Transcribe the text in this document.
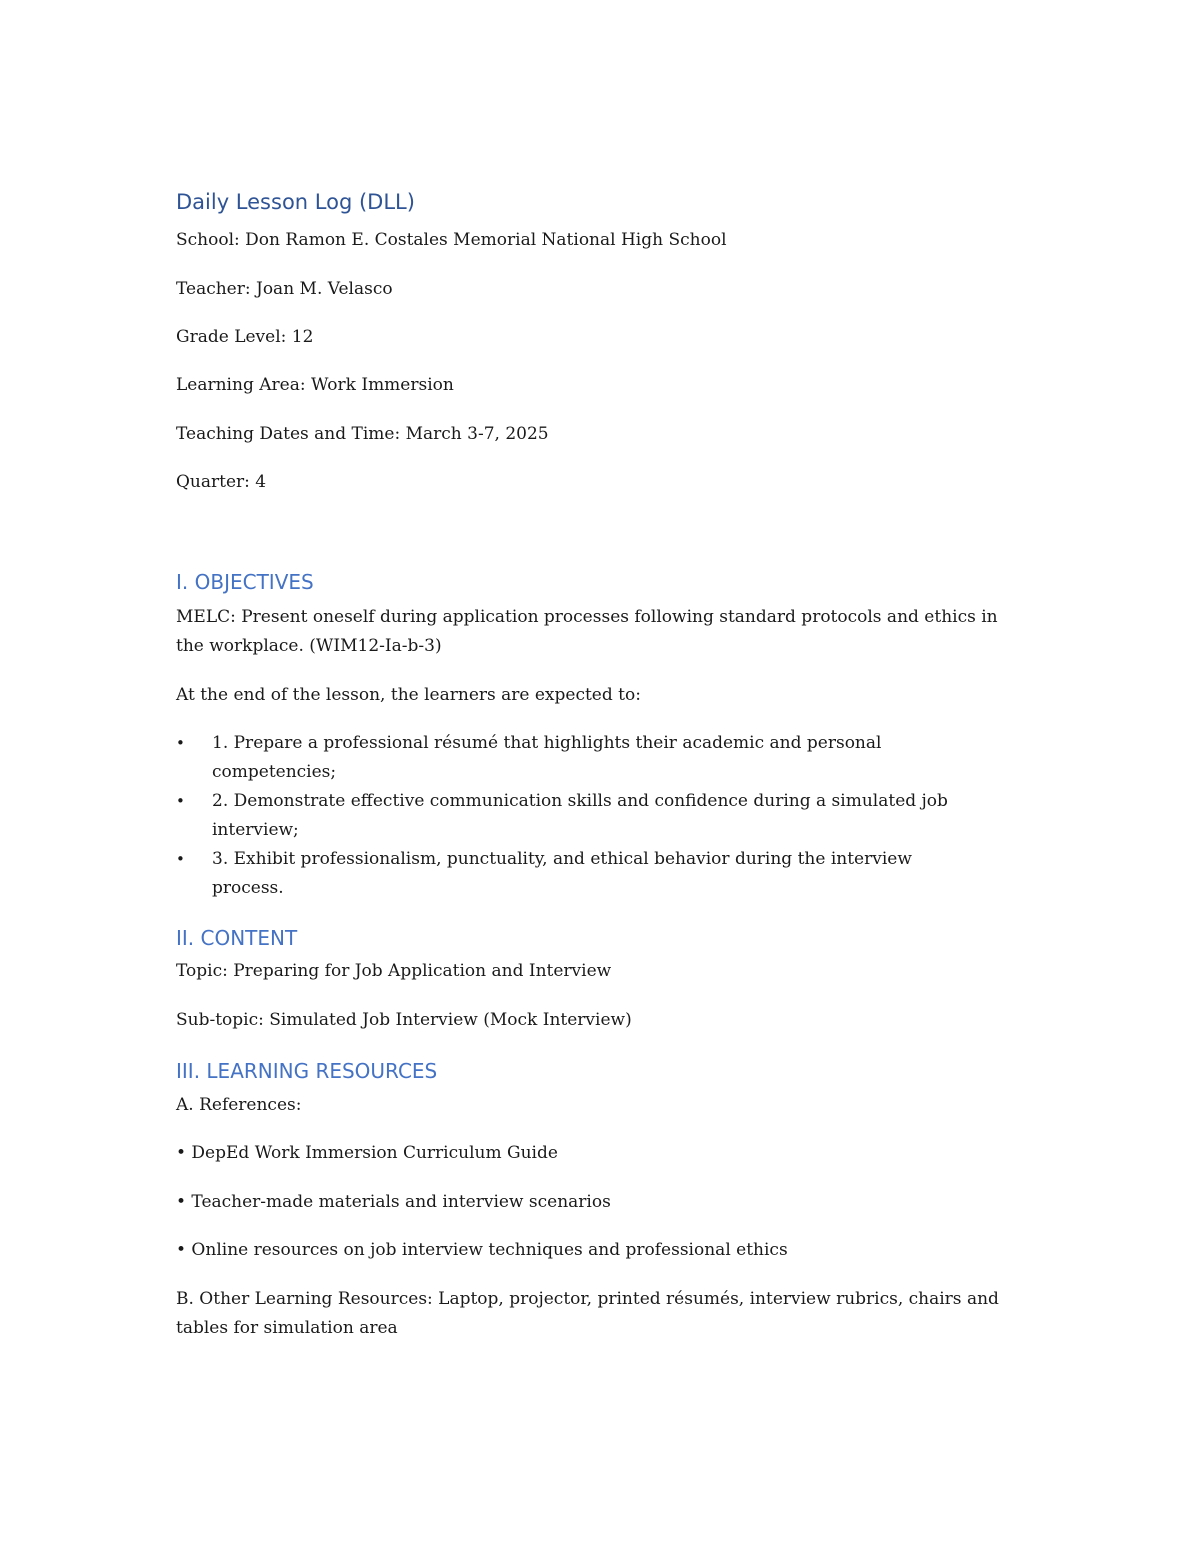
Daily Lesson Log (DLL)
School: Don Ramon E. Costales Memorial National High School
Teacher: Joan M. Velasco
Grade Level: 12
Learning Area: Work Immersion
Teaching Dates and Time: March 3-7, 2025
Quarter: 4
I. OBJECTIVES
MELC: Present oneself during application processes following standard protocols and ethics in the workplace. (WIM12-Ia-b-3)
At the end of the lesson, the learners are expected to:
• 1. Prepare a professional résumé that highlights their academic and personal competencies;
• 2. Demonstrate effective communication skills and confidence during a simulated job interview;
• 3. Exhibit professionalism, punctuality, and ethical behavior during the interview process.
II. CONTENT
Topic: Preparing for Job Application and Interview
Sub-topic: Simulated Job Interview (Mock Interview)
III. LEARNING RESOURCES
A. References:
• DepEd Work Immersion Curriculum Guide
• Teacher-made materials and interview scenarios
• Online resources on job interview techniques and professional ethics
B. Other Learning Resources: Laptop, projector, printed résumés, interview rubrics, chairs and tables for simulation area
